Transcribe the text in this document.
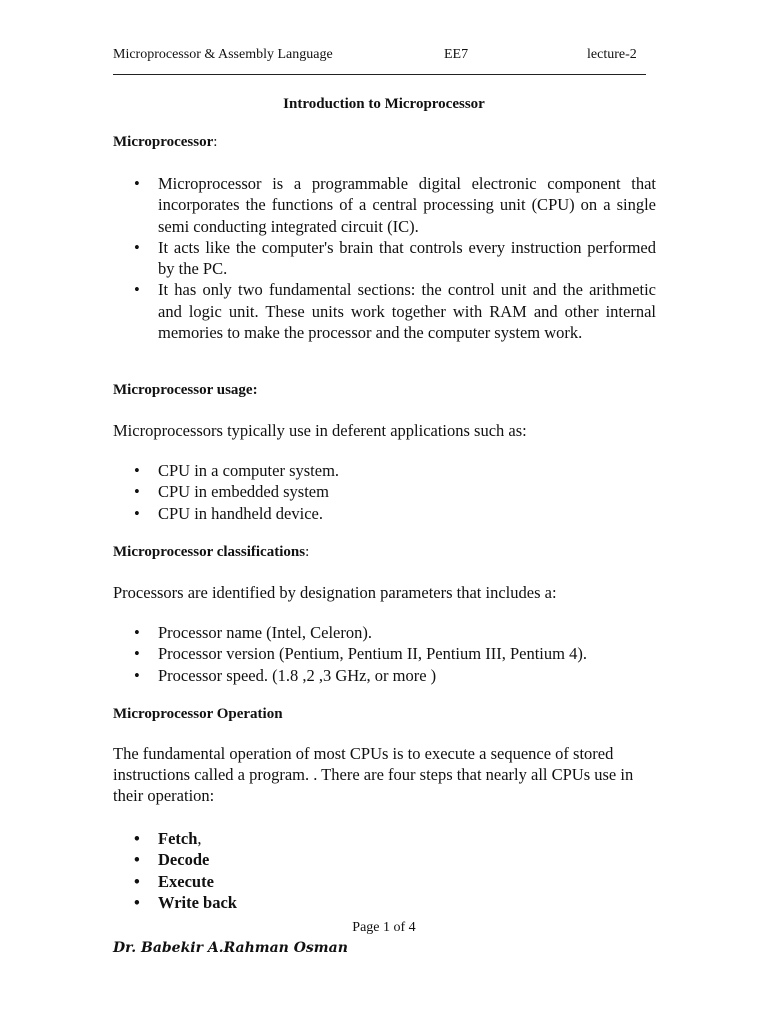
Microprocessor & Assembly Language	EE7	lecture-2
Introduction to Microprocessor
Microprocessor:
• Microprocessor is a programmable digital electronic component that incorporates the functions of a central processing unit (CPU) on a single semi conducting integrated circuit (IC).
• It acts like the computer's brain that controls every instruction performed by the PC.
• It has only two fundamental sections: the control unit and the arithmetic and logic unit. These units work together with RAM and other internal memories to make the processor and the computer system work.
Microprocessor usage:
Microprocessors typically use in deferent applications such as:
• CPU in a computer system.
• CPU in embedded system
• CPU in handheld device.
Microprocessor classifications:
Processors are identified by designation parameters that includes a:
• Processor name (Intel, Celeron).
• Processor version (Pentium, Pentium II, Pentium III, Pentium 4).
• Processor speed. (1.8 ,2 ,3 GHz, or more )
Microprocessor Operation
The fundamental operation of most CPUs is to execute a sequence of stored instructions called a program. . There are four steps that nearly all CPUs use in their operation:
• Fetch,
• Decode
• Execute
• Write back
Page 1 of 4
Dr. Babekir A.Rahman Osman
